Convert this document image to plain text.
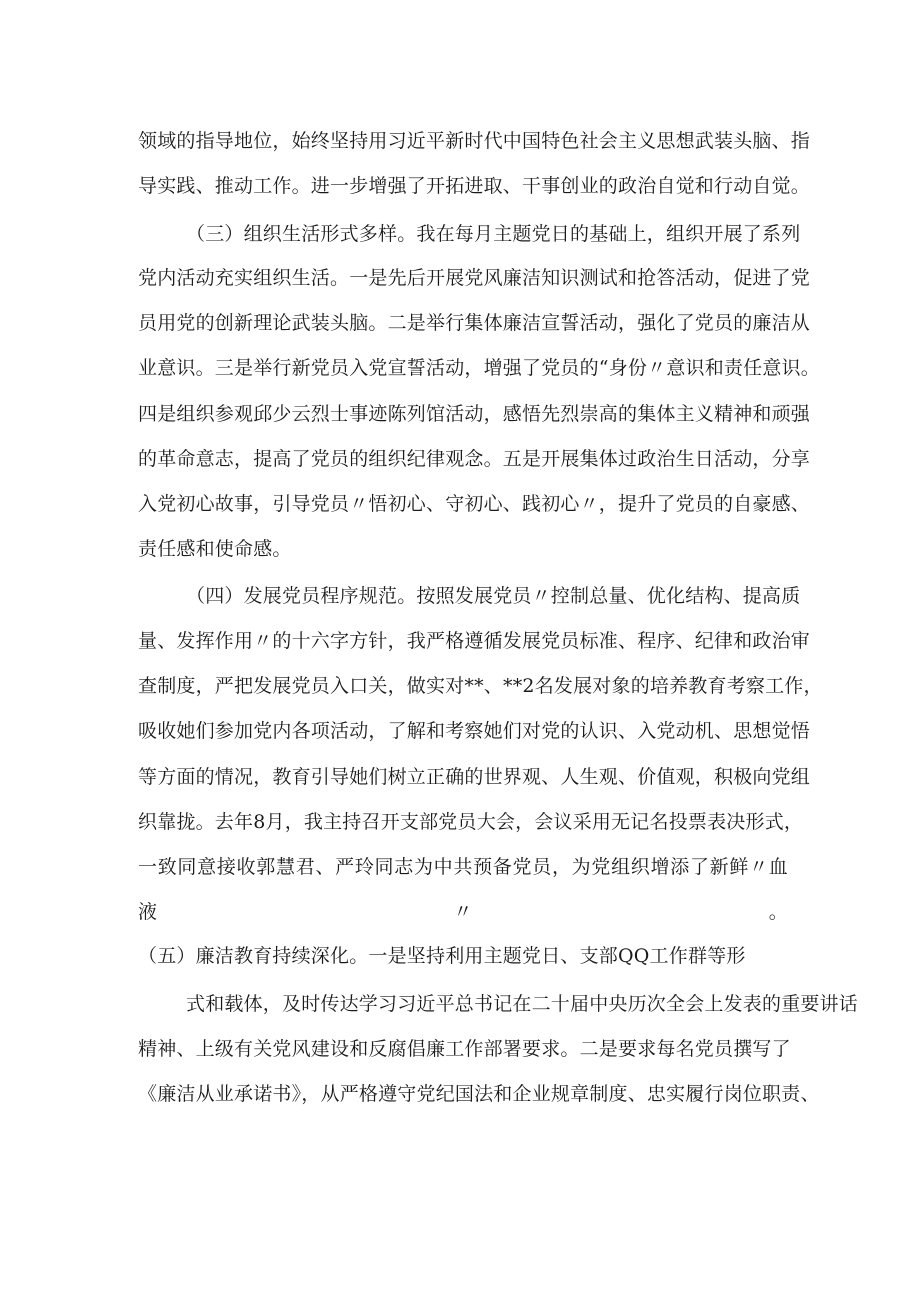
领域的指导地位，始终坚持用习近平新时代中国特色社会主义思想武装头脑、指
导实践、推动工作。进一步增强了开拓进取、干事创业的政治自觉和行动自觉。
（三）组织生活形式多样。我在每月主题党日的基础上，组织开展了系列
党内活动充实组织生活。一是先后开展党风廉洁知识测试和抢答活动，促进了党
员用党的创新理论武装头脑。二是举行集体廉洁宣誓活动，强化了党员的廉洁从
业意识。三是举行新党员入党宣誓活动，增强了党员的“身份〃意识和责任意识。
四是组织参观邱少云烈士事迹陈列馆活动，感悟先烈崇高的集体主义精神和顽强
的革命意志，提高了党员的组织纪律观念。五是开展集体过政治生日活动，分享
入党初心故事，引导党员〃悟初心、守初心、践初心〃，提升了党员的自豪感、
责任感和使命感。
（四）发展党员程序规范。按照发展党员〃控制总量、优化结构、提高质
量、发挥作用〃的十六字方针，我严格遵循发展党员标准、程序、纪律和政治审
查制度，严把发展党员入口关，做实对**、**2名发展对象的培养教育考察工作，
吸收她们参加党内各项活动，了解和考察她们对党的认识、入党动机、思想觉悟
等方面的情况，教育引导她们树立正确的世界观、人生观、价值观，积极向党组
织靠拢。去年8月，我主持召开支部党员大会，会议采用无记名投票表决形式，
一致同意接收郭慧君、严玲同志为中共预备党员，为党组织增添了新鲜〃血
液〃。
（五）廉洁教育持续深化。一是坚持利用主题党日、支部QQ工作群等形
式和载体，及时传达学习习近平总书记在二十届中央历次全会上发表的重要讲话
精神、上级有关党风建设和反腐倡廉工作部署要求。二是要求每名党员撰写了
《廉洁从业承诺书》，从严格遵守党纪国法和企业规章制度、忠实履行岗位职责、
